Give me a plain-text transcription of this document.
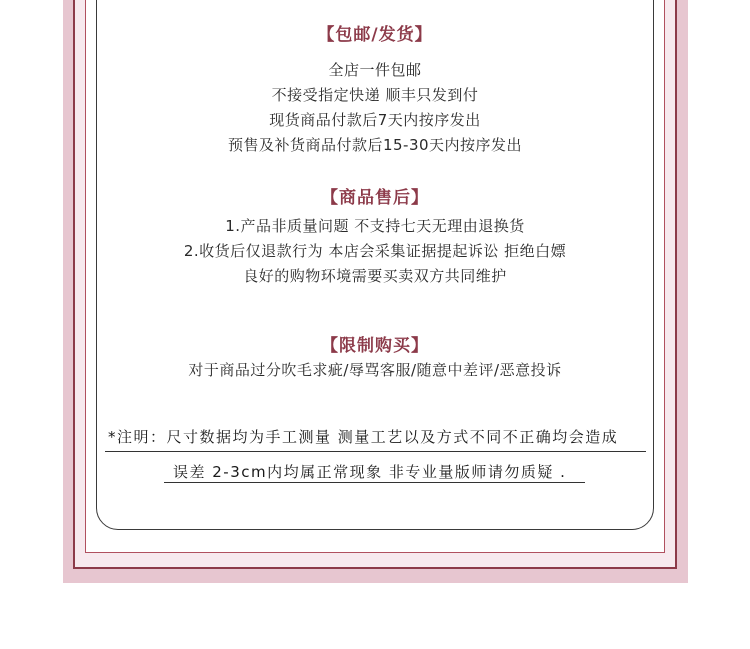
【包邮/发货】
全店一件包邮
不接受指定快递 顺丰只发到付
现货商品付款后7天内按序发出
预售及补货商品付款后15-30天内按序发出
【商品售后】
1.产品非质量问题 不支持七天无理由退换货
2.收货后仅退款行为 本店会采集证据提起诉讼 拒绝白嫖
良好的购物环境需要买卖双方共同维护
【限制购买】
对于商品过分吹毛求疵/辱骂客服/随意中差评/恶意投诉
*注明：尺寸数据均为手工测量 测量工艺以及方式不同不正确均会造成
误差 2-3cm内均属正常现象 非专业量版师请勿质疑 .
